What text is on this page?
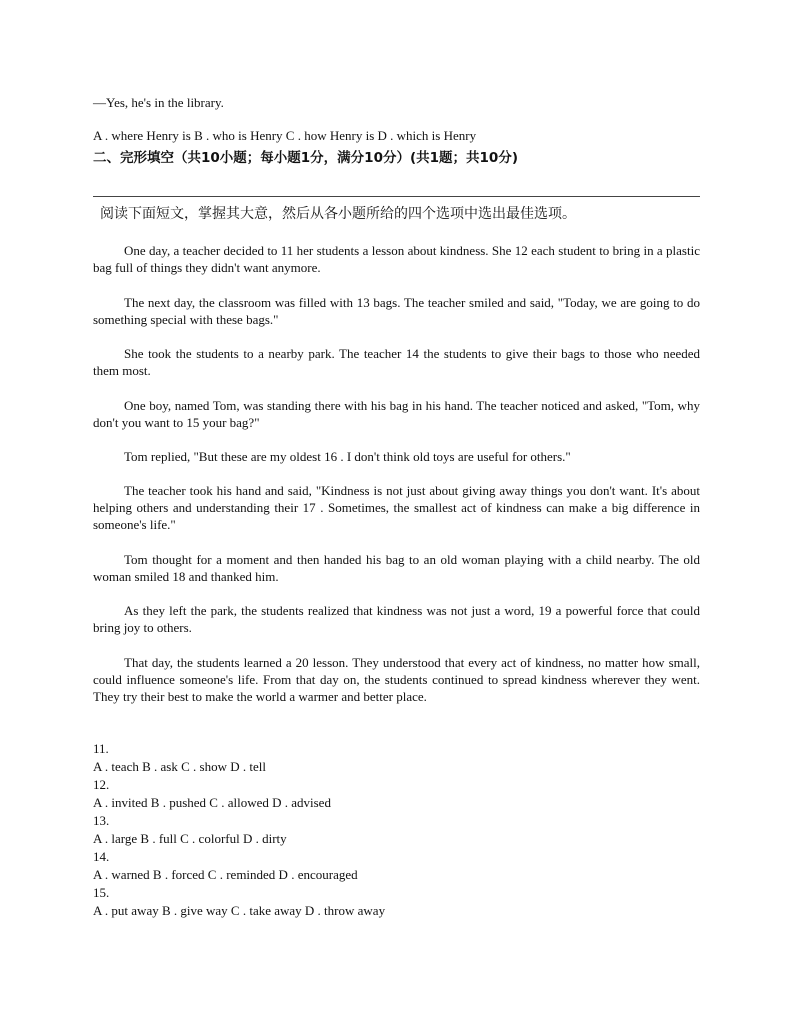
—Yes, he's in the library.
A . where Henry is B . who is Henry C . how Henry is D . which is Henry
二、完形填空（共10小题；每小题1分，满分10分）(共1题；共10分)
阅读下面短文，掌握其大意，然后从各小题所给的四个选项中选出最佳选项。
One day, a teacher decided to 11 her students a lesson about kindness. She 12 each student to bring in a plastic bag full of things they didn't want anymore.
The next day, the classroom was filled with 13 bags. The teacher smiled and said, "Today, we are going to do something special with these bags."
She took the students to a nearby park. The teacher 14 the students to give their bags to those who needed them most.
One boy, named Tom, was standing there with his bag in his hand. The teacher noticed and asked, "Tom, why don't you want to 15 your bag?"
Tom replied, "But these are my oldest 16 . I don't think old toys are useful for others."
The teacher took his hand and said, "Kindness is not just about giving away things you don't want. It's about helping others and understanding their 17 . Sometimes, the smallest act of kindness can make a big difference in someone's life."
Tom thought for a moment and then handed his bag to an old woman playing with a child nearby. The old woman smiled 18 and thanked him.
As they left the park, the students realized that kindness was not just a word, 19 a powerful force that could bring joy to others.
That day, the students learned a 20 lesson. They understood that every act of kindness, no matter how small, could influence someone's life. From that day on, the students continued to spread kindness wherever they went. They try their best to make the world a warmer and better place.
11.
A . teach B . ask C . show D . tell
12.
A . invited B . pushed C . allowed D . advised
13.
A . large B . full C . colorful D . dirty
14.
A . warned B . forced C . reminded D . encouraged
15.
A . put away B . give way C . take away D . throw away
